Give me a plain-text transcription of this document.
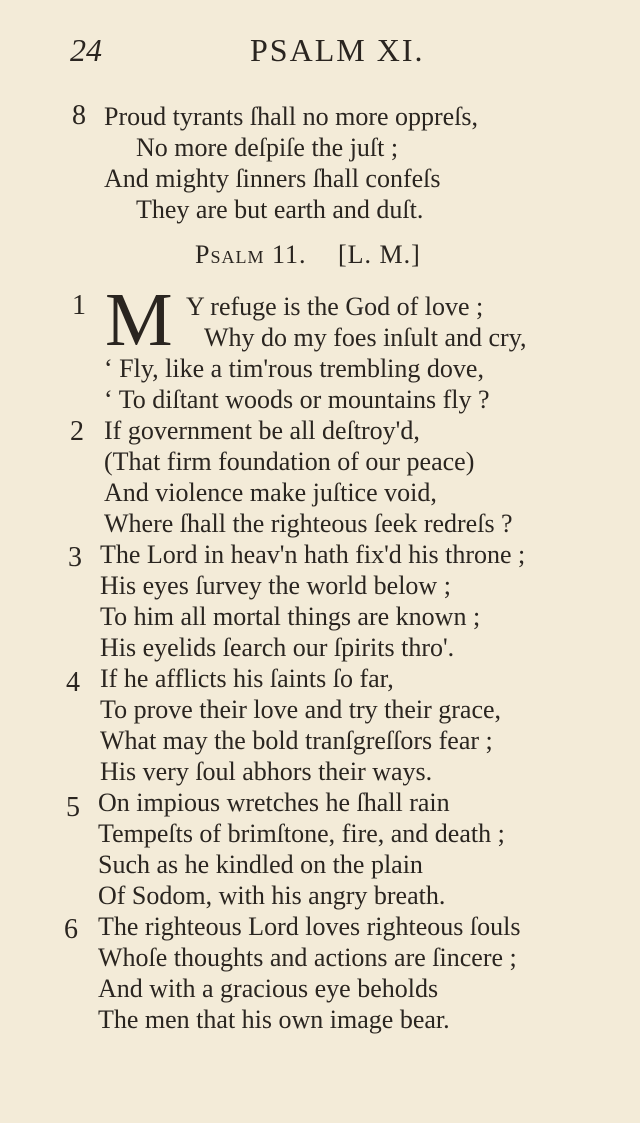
24	PSALM XI.
8 Proud tyrants ſhall no more oppreſs,
No more deſpiſe the juſt ;
And mighty ſinners ſhall confeſs
They are but earth and duſt.
Psalm 11. [L. M.]
1 M Y refuge is the God of love ;
Why do my foes inſult and cry,
‘ Fly, like a tim'rous trembling dove,
‘ To diſtant woods or mountains fly ?
2 If government be all deſtroy'd,
(That firm foundation of our peace)
And violence make juſtice void,
Where ſhall the righteous ſeek redreſs ?
3 The Lord in heav'n hath fix'd his throne ;
His eyes ſurvey the world below ;
To him all mortal things are known ;
His eyelids ſearch our ſpirits thro'.
4 If he afflicts his ſaints ſo far,
To prove their love and try their grace,
What may the bold tranſgreſſors fear ;
His very ſoul abhors their ways.
5 On impious wretches he ſhall rain
Tempeſts of brimſtone, fire, and death ;
Such as he kindled on the plain
Of Sodom, with his angry breath.
6 The righteous Lord loves righteous ſouls
Whoſe thoughts and actions are ſincere ;
And with a gracious eye beholds
The men that his own image bear.
